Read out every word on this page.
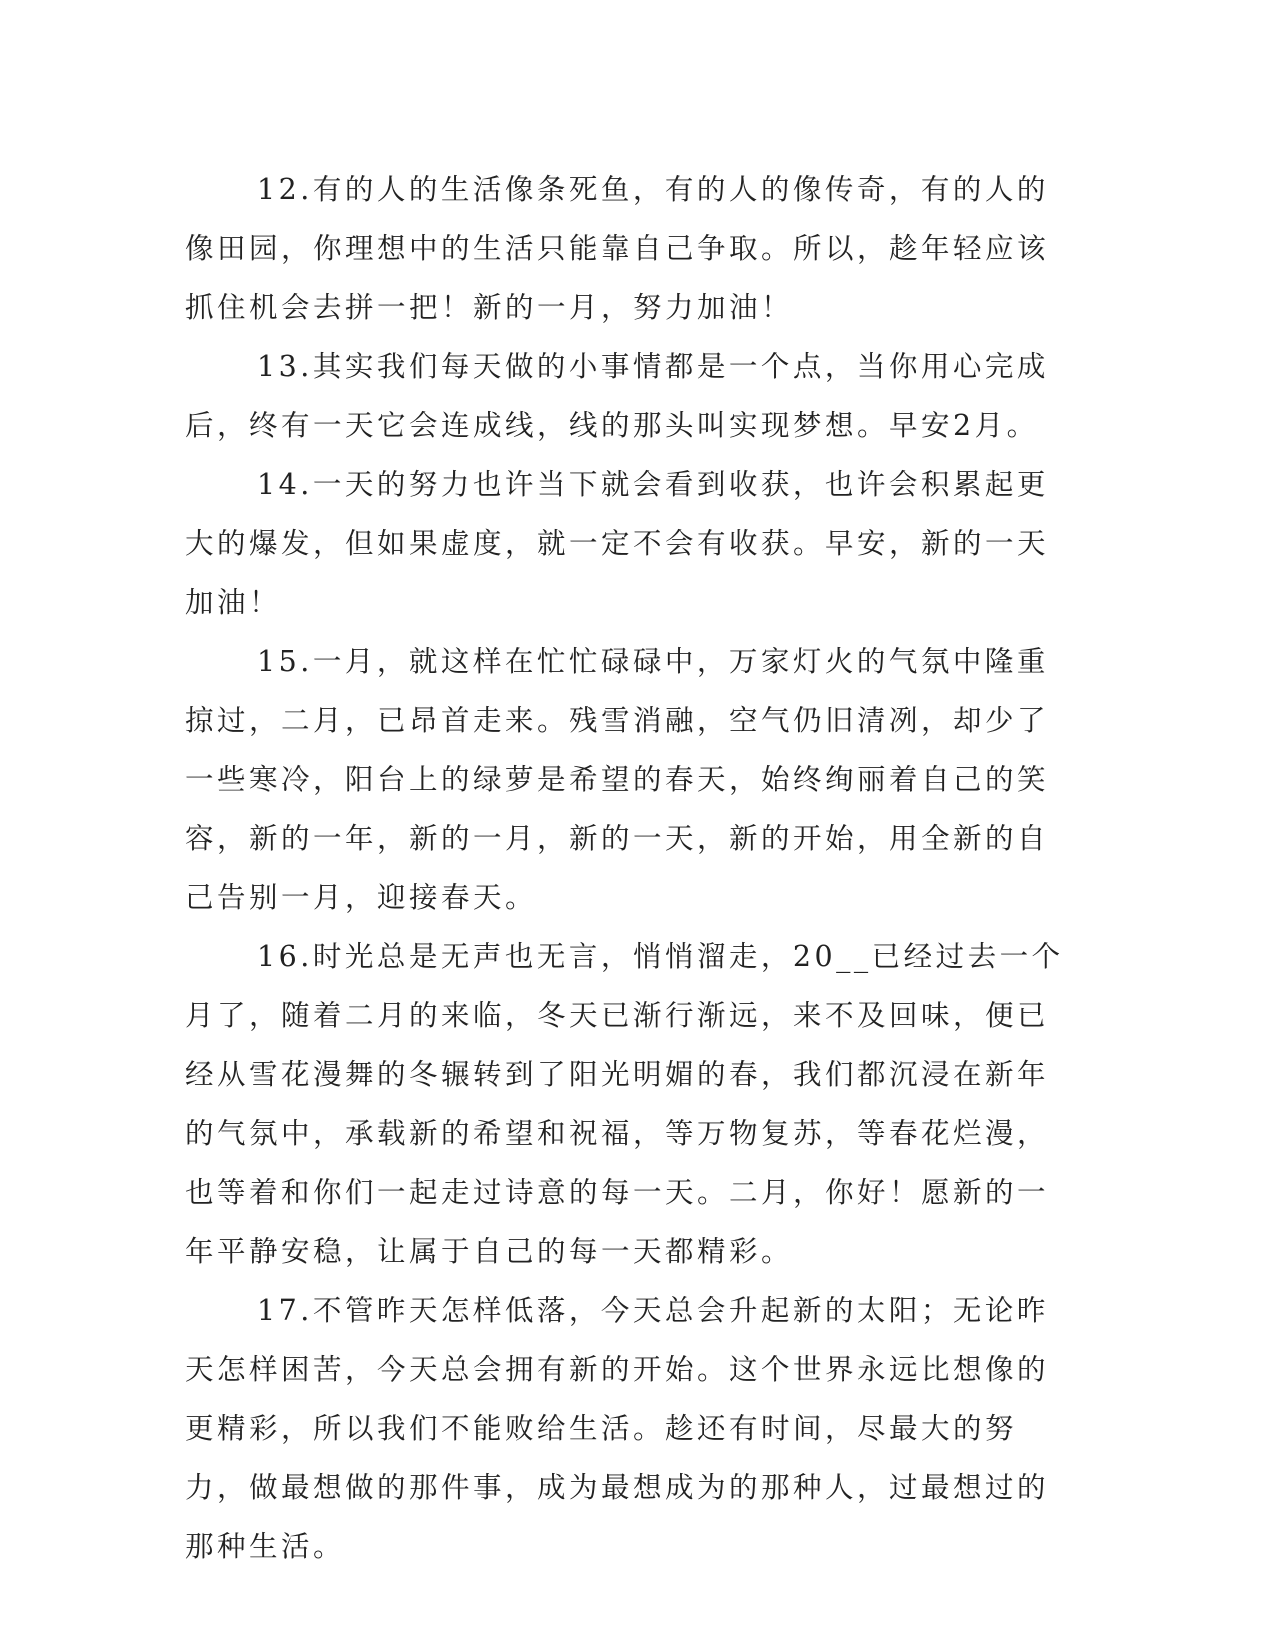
12.有的人的生活像条死鱼，有的人的像传奇，有的人的像田园，你理想中的生活只能靠自己争取。所以，趁年轻应该抓住机会去拼一把！新的一月，努力加油！

13.其实我们每天做的小事情都是一个点，当你用心完成后，终有一天它会连成线，线的那头叫实现梦想。早安2月。

14.一天的努力也许当下就会看到收获，也许会积累起更大的爆发，但如果虚度，就一定不会有收获。早安，新的一天加油！

15.一月，就这样在忙忙碌碌中，万家灯火的气氛中隆重掠过，二月，已昂首走来。残雪消融，空气仍旧清冽，却少了一些寒冷，阳台上的绿萝是希望的春天，始终绚丽着自己的笑容，新的一年，新的一月，新的一天，新的开始，用全新的自己告别一月，迎接春天。

16.时光总是无声也无言，悄悄溜走，20__已经过去一个月了，随着二月的来临，冬天已渐行渐远，来不及回味，便已经从雪花漫舞的冬辗转到了阳光明媚的春，我们都沉浸在新年的气氛中，承载新的希望和祝福，等万物复苏，等春花烂漫，也等着和你们一起走过诗意的每一天。二月，你好！愿新的一年平静安稳，让属于自己的每一天都精彩。

17.不管昨天怎样低落，今天总会升起新的太阳；无论昨天怎样困苦，今天总会拥有新的开始。这个世界永远比想像的更精彩，所以我们不能败给生活。趁还有时间，尽最大的努力，做最想做的那件事，成为最想成为的那种人，过最想过的那种生活。
